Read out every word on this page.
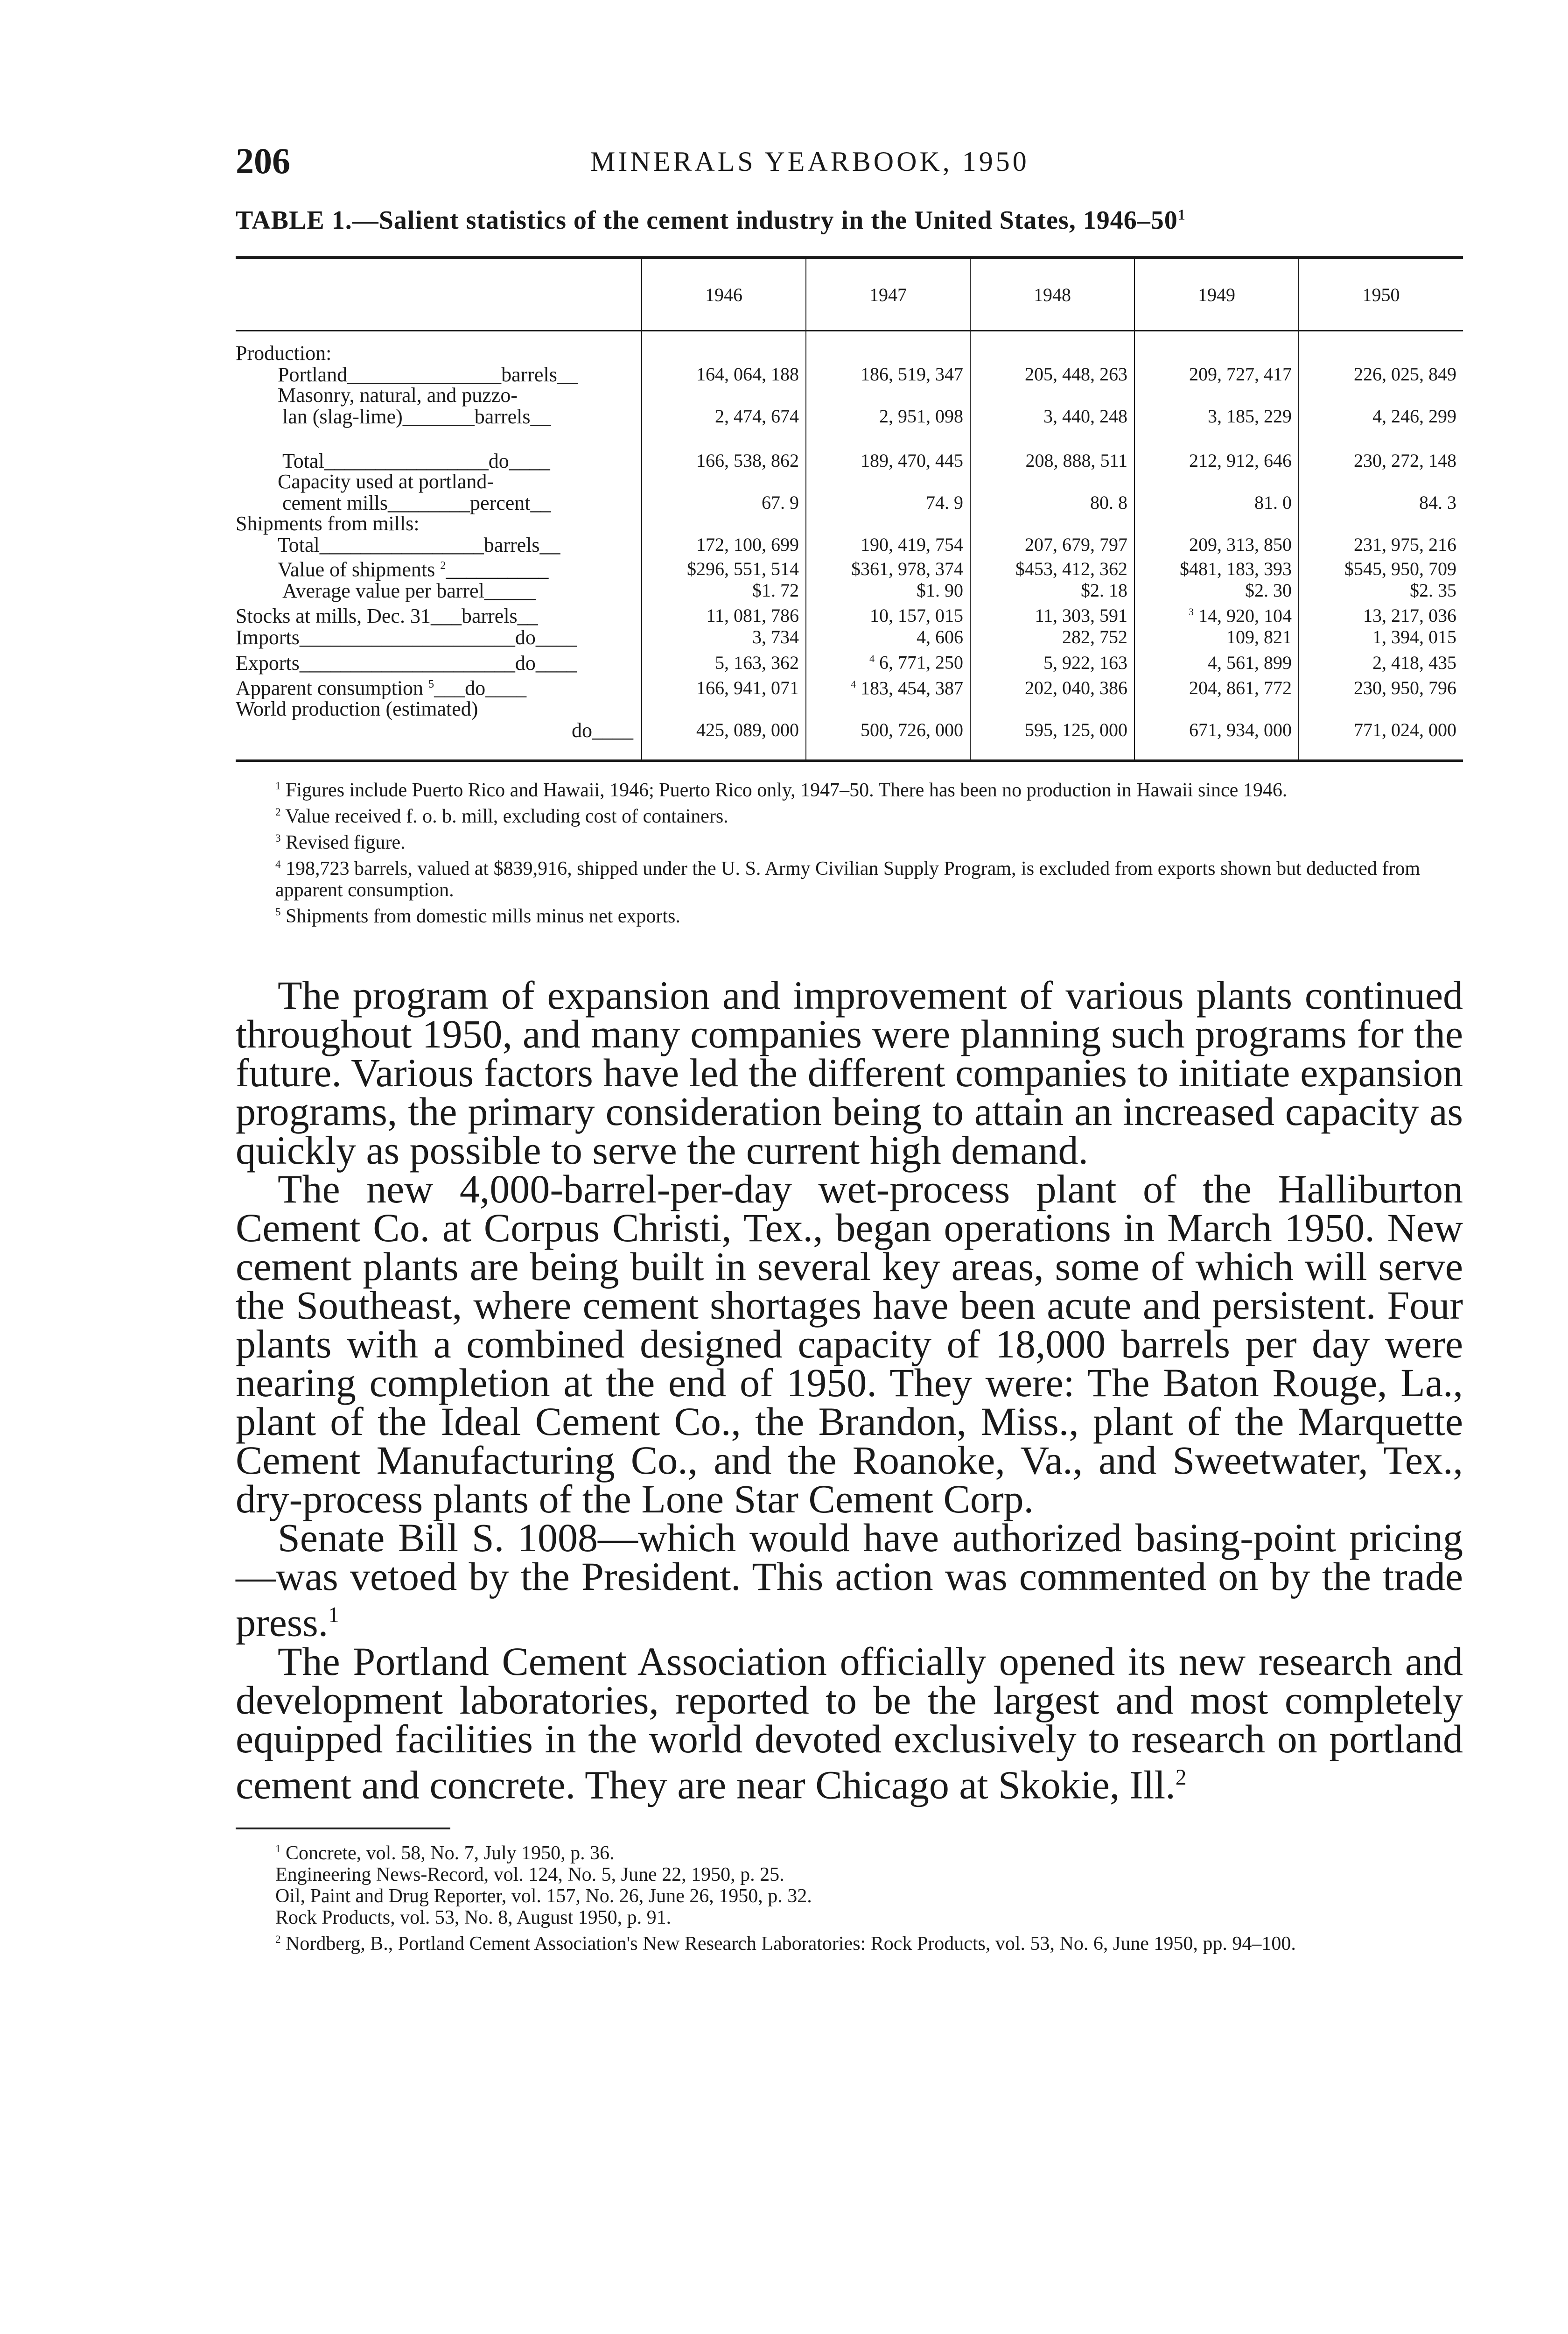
206	MINERALS YEARBOOK, 1950
TABLE 1.—Salient statistics of the cement industry in the United States, $1946-50^1$
	1946	1947	1948	1949	1950
Production:					
Portland_______________barrels__	164, 064, 188	186, 519, 347	205, 448, 263	209, 727, 417	226, 025, 849
Masonry, natural, and puzzo-					
lan (slag-lime)_______barrels__	2, 474, 674	2, 951, 098	3, 440, 248	3, 185, 229	4, 246, 299
Total________________do____	166, 538, 862	189, 470, 445	208, 888, 511	212, 912, 646	230, 272, 148
Capacity used at portland-					
cement mills________percent__	67. 9	74. 9	80. 8	81. 0	84. 3
Shipments from mills:					
Total________________barrels__	172, 100, 699	190, 419, 754	207, 679, 797	209, 313, 850	231, 975, 216
Value of shipments $^2$__________	$296, 551, 514	$361, 978, 374	$453, 412, 362	$481, 183, 393	$545, 950, 709
Average value per barrel_____	$1. 72	$1. 90	$2. 18	$2. 30	$2. 35
Stocks at mills, Dec. 31___barrels__	11, 081, 786	10, 157, 015	11, 303, 591	$^3$ 14, 920, 104	13, 217, 036
Imports_____________________do____	3, 734	4, 606	282, 752	109, 821	1, 394, 015
Exports_____________________do____	5, 163, 362	$^4$ 6, 771, 250	5, 922, 163	4, 561, 899	2, 418, 435
Apparent consumption $^5$___do____	166, 941, 071	$^4$ 183, 454, 387	202, 040, 386	204, 861, 772	230, 950, 796
World production (estimated)					
do____	425, 089, 000	500, 726, 000	595, 125, 000	671, 934, 000	771, 024, 000

$^1$ Figures include Puerto Rico and Hawaii, 1946; Puerto Rico only, 1947–50. There has been no production in Hawaii since 1946.

$^2$ Value received f. o. b. mill, excluding cost of containers.

$^3$ Revised figure.

$^4$ 198,723 barrels, valued at $839,916, shipped under the U. S. Army Civilian Supply Program, is excluded from exports shown but deducted from apparent consumption.

$^5$ Shipments from domestic mills minus net exports.

The program of expansion and improvement of various plants continued throughout 1950, and many companies were planning such programs for the future. Various factors have led the different companies to initiate expansion programs, the primary consideration being to attain an increased capacity as quickly as possible to serve the current high demand.

The new 4,000-barrel-per-day wet-process plant of the Halliburton Cement Co. at Corpus Christi, Tex., began operations in March 1950. New cement plants are being built in several key areas, some of which will serve the Southeast, where cement shortages have been acute and persistent. Four plants with a combined designed capacity of 18,000 barrels per day were nearing completion at the end of 1950. They were: The Baton Rouge, La., plant of the Ideal Cement Co., the Brandon, Miss., plant of the Marquette Cement Manufacturing Co., and the Roanoke, Va., and Sweetwater, Tex., dry-process plants of the Lone Star Cement Corp.

Senate Bill S. 1008—which would have authorized basing-point pricing—was vetoed by the President. This action was commented on by the trade press.$^1$

The Portland Cement Association officially opened its new research and development laboratories, reported to be the largest and most completely equipped facilities in the world devoted exclusively to research on portland cement and concrete. They are near Chicago at Skokie, Ill.$^2$

$^1$ Concrete, vol. 58, No. 7, July 1950, p. 36.

Engineering News-Record, vol. 124, No. 5, June 22, 1950, p. 25.

Oil, Paint and Drug Reporter, vol. 157, No. 26, June 26, 1950, p. 32.

Rock Products, vol. 53, No. 8, August 1950, p. 91.

$^2$ Nordberg, B., Portland Cement Association's New Research Laboratories: Rock Products, vol. 53, No. 6, June 1950, pp. 94–100.
